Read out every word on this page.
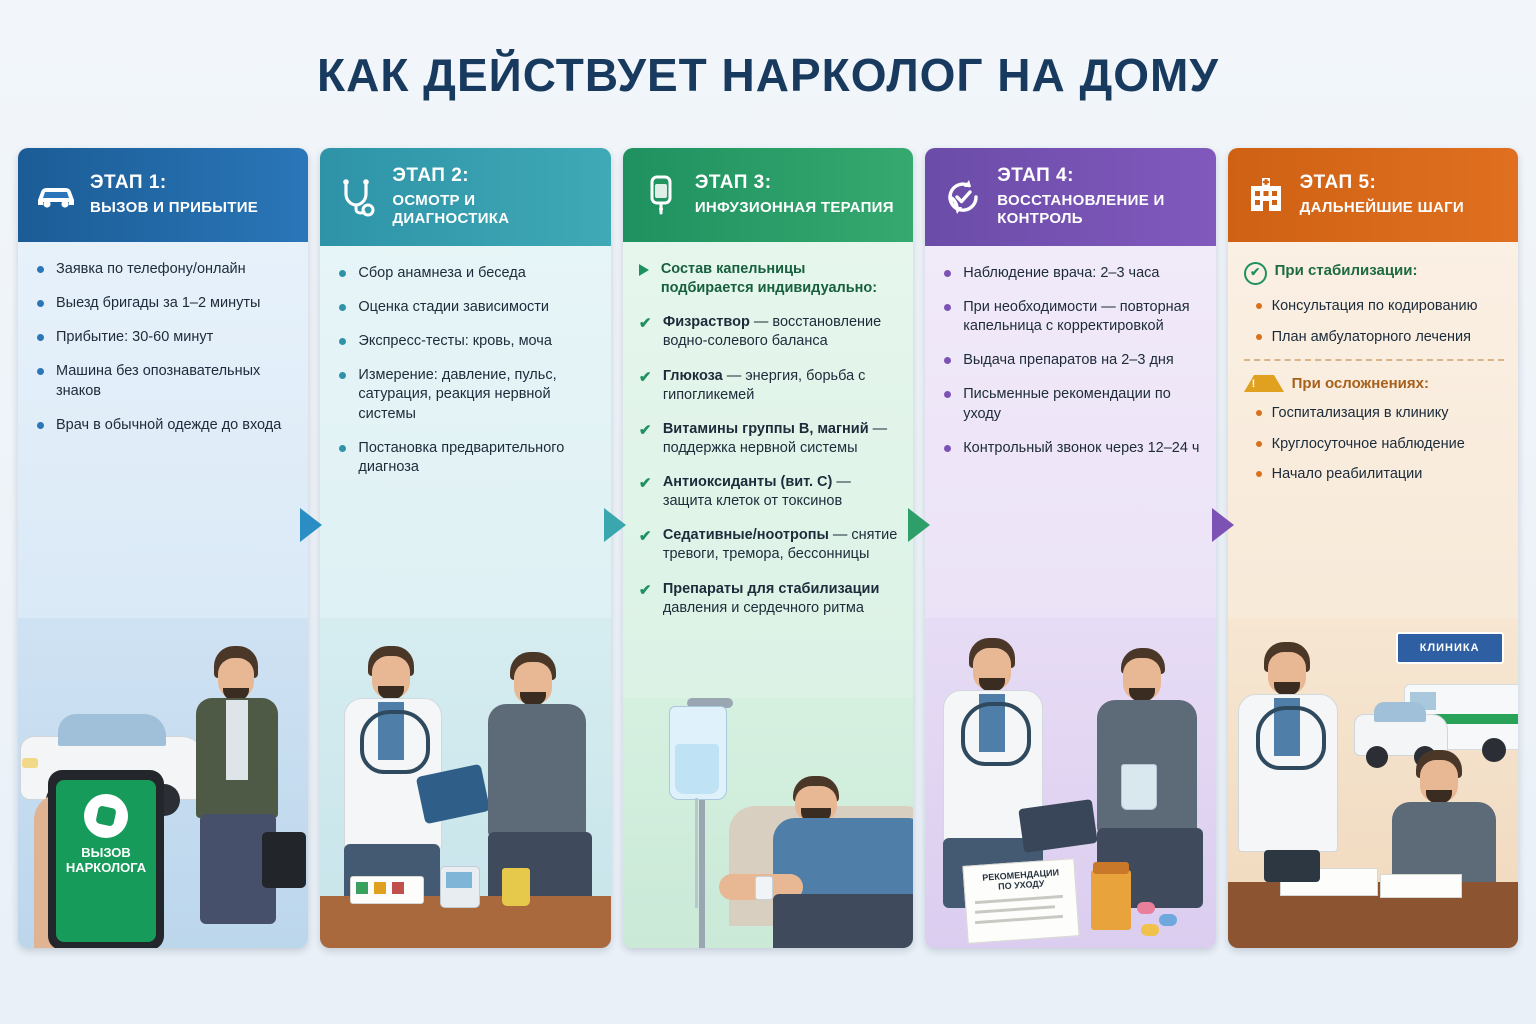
КАК ДЕЙСТВУЕТ НАРКОЛОГ НА ДОМУ
ЭТАП 1:
ВЫЗОВ И ПРИБЫТИЕ
Заявка по телефону/онлайн
Выезд бригады за 1–2 минуты
Прибытие: 30-60 минут
Машина без опознавательных знаков
Врач в обычной одежде до входа
ВЫЗОВ
НАРКОЛОГА
ЭТАП 2:
ОСМОТР И ДИАГНОСТИКА
Сбор анамнеза и беседа
Оценка стадии зависимости
Экспресс-тесты: кровь, моча
Измерение: давление, пульс, сатурация, реакция нервной системы
Постановка предварительного диагноза
ЭТАП 3:
ИНФУЗИОННАЯ ТЕРАПИЯ
Состав капельницы подбирается индивидуально:
✔ Физраствор — восстановление водно-солевого баланса
✔ Глюкоза — энергия, борьба с гипогликемей
✔ Витамины группы В, магний — поддержка нервной системы
✔ Антиоксиданты (вит. С) — защита клеток от токсинов
✔ Седативные/ноотропы — снятие тревоги, тремора, бессонницы
✔ Препараты для стабилизации давления и сердечного ритма
ЭТАП 4:
ВОССТАНОВЛЕНИЕ И КОНТРОЛЬ
Наблюдение врача: 2–3 часа
При необходимости — повторная капельница с корректировкой
Выдача препаратов на 2–3 дня
Письменные рекомендации по уходу
Контрольный звонок через 12–24 ч
РЕКОМЕНДАЦИИ
ПО УХОДУ
ЭТАП 5:
ДАЛЬНЕЙШИЕ ШАГИ
✔ При стабилизации:
Консультация по кодированию
План амбулаторного лечения
!
При осложнениях:
Госпитализация в клинику
Круглосуточное наблюдение
Начало реабилитации
КЛИНИКА
